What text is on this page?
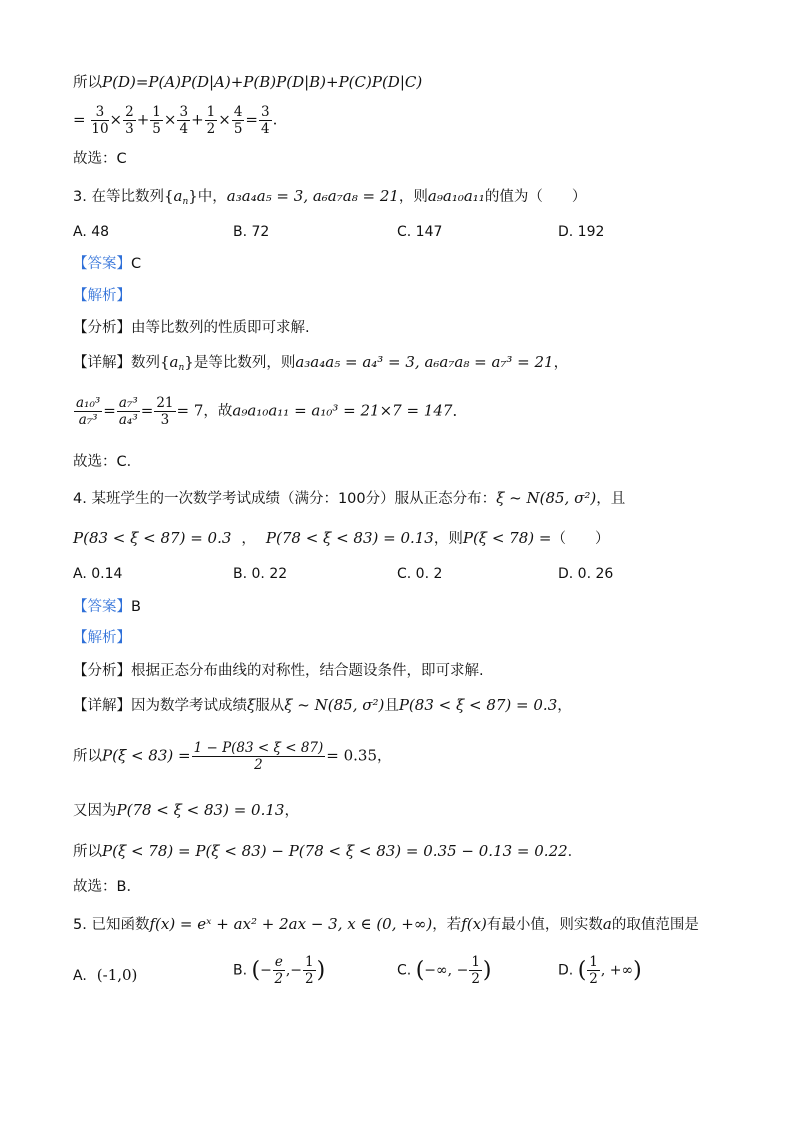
所以P(D)=P(A)P(D|A)+P(B)P(D|B)+P(C)P(D|C)
= $\frac{3}{10} \times \frac{2}{3} + \frac{1}{5} \times \frac{3}{4} + \frac{1}{2} \times \frac{4}{5} = \frac{3}{4}$ .
故选：C
3. 在等比数列$\{a_n\}$中，a₃a₄a₅ = 3, a₆a₇a₈ = 21，则a₉a₁₀a₁₁的值为（　　）
A. 48	B. 72	C. 147	D. 192
【答案】C
【解析】
【分析】由等比数列的性质即可求解.
【详解】数列$\{a_n\}$是等比数列，则a₃a₄a₅ = a₄³ = 3, a₆a₇a₈ = a₇³ = 21，
$\frac{\text{a₁₀³}}{\text{a₇³}} = \frac{\text{a₇³}}{\text{a₄³}} = \frac{21}{3} = 7$，故a₉a₁₀a₁₁ = a₁₀³ = 21×7 = 147．
故选：C．
4. 某班学生的一次数学考试成绩（满分：100分）服从正态分布：ξ ~ N(85, σ²)，且
P(83 < ξ < 87) = 0.3 ， P(78 < ξ < 83) = 0.13，则P(ξ < 78) =（　　）
A. 0.14	B. 0. 22	C. 0. 2	D. 0. 26
【答案】B
【解析】
【分析】根据正态分布曲线的对称性，结合题设条件，即可求解.
【详解】因为数学考试成绩ξ服从ξ ~ N(85, σ²)且P(83 < ξ < 87) = 0.3，
所以$P(\xi < 83) = \frac{1 - P(83 < \xi < 87)}{2} = 0.35$，
又因为P(78 < ξ < 83) = 0.13，
所以P(ξ < 78) = P(ξ < 83) − P(78 < ξ < 83) = 0.35 − 0.13 = 0.22．
故选：B．
5. 已知函数f(x) = eˣ + ax² + 2ax − 3, x ∈ (0, +∞)，若f(x)有最小值，则实数a的取值范围是
A. (-1,0)	B. (− $\frac{e}{2}$ ,− $\frac{1}{2}$ )	C. (−∞, − $\frac{1}{2}$ )	D. ( $\frac{1}{2}$ , +∞)
